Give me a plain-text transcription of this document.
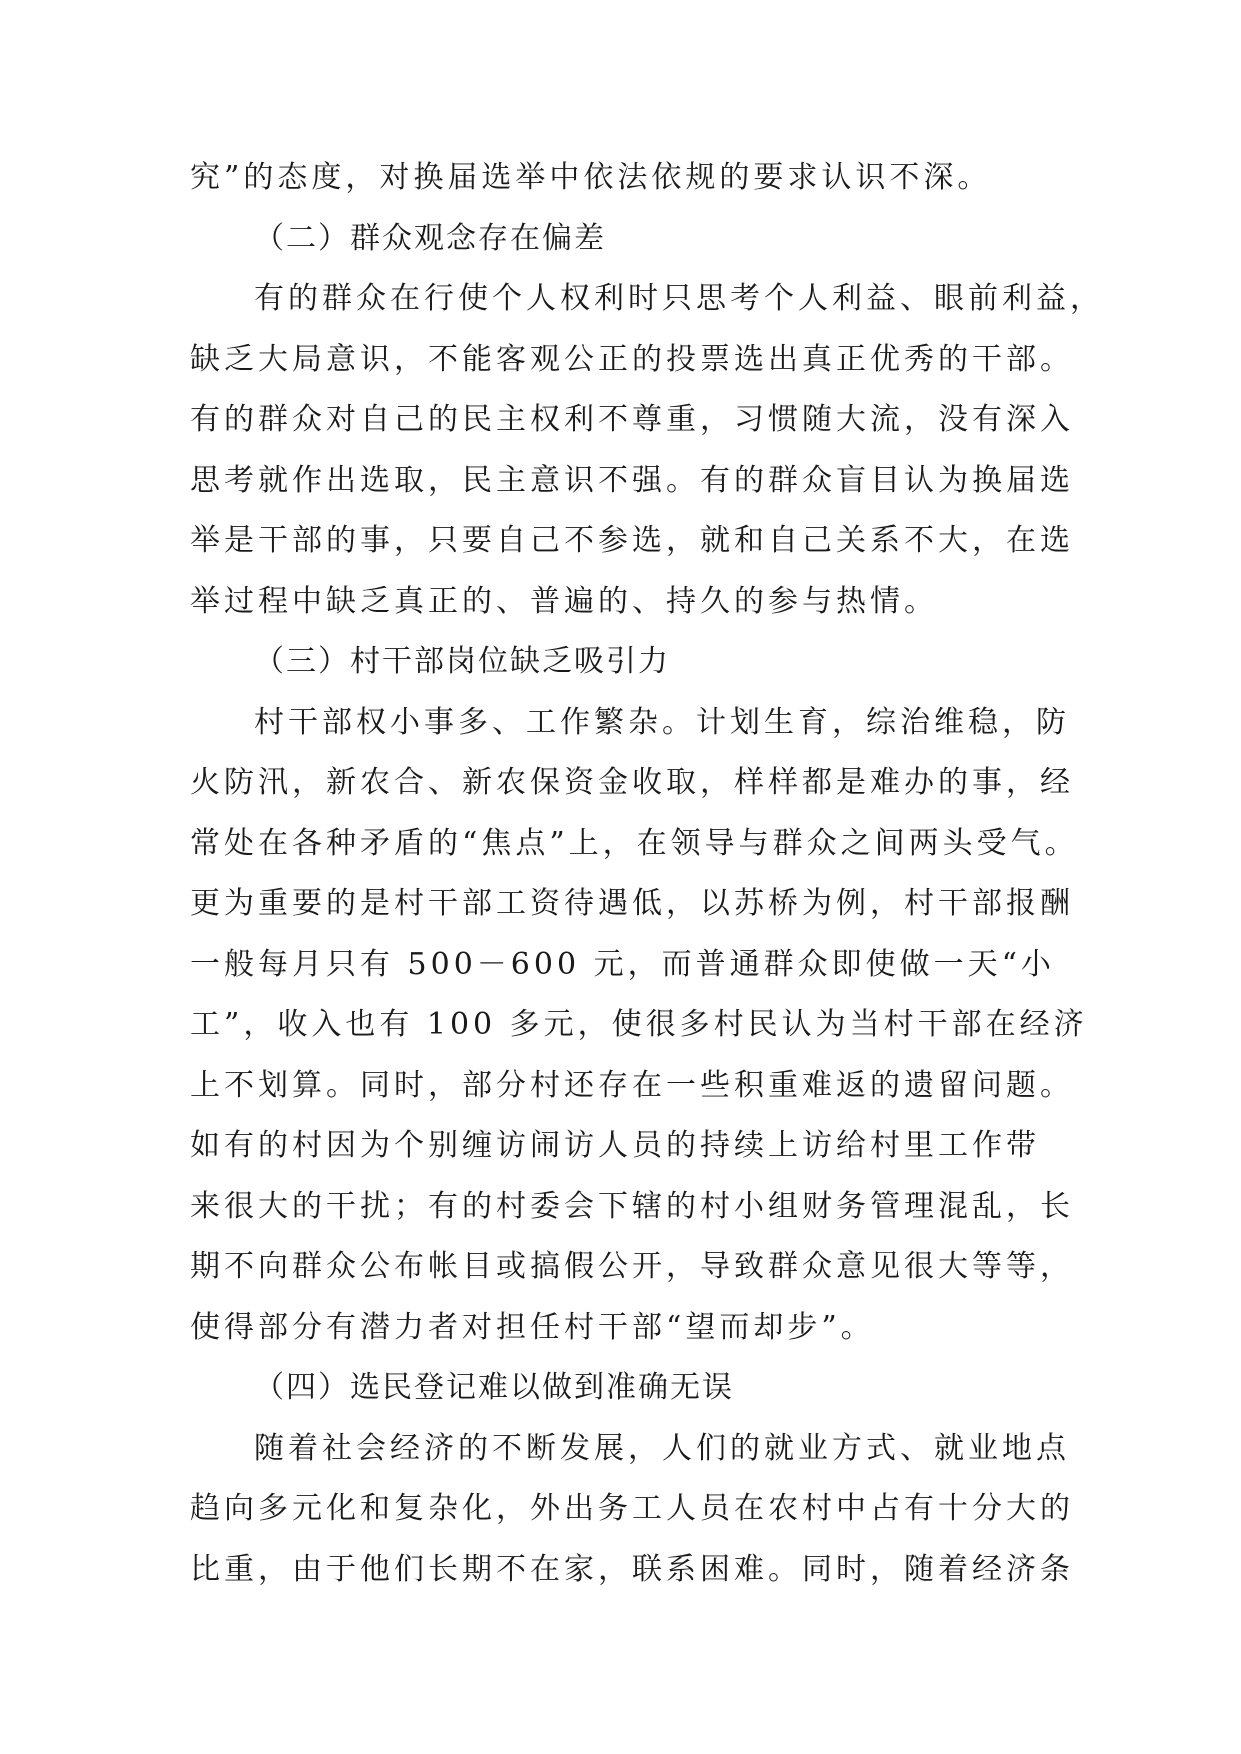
究”的态度，对换届选举中依法依规的要求认识不深。
（二）群众观念存在偏差
有的群众在行使个人权利时只思考个人利益、眼前利益，
缺乏大局意识，不能客观公正的投票选出真正优秀的干部。
有的群众对自己的民主权利不尊重，习惯随大流，没有深入
思考就作出选取，民主意识不强。有的群众盲目认为换届选
举是干部的事，只要自己不参选，就和自己关系不大，在选
举过程中缺乏真正的、普遍的、持久的参与热情。
（三）村干部岗位缺乏吸引力
村干部权小事多、工作繁杂。计划生育，综治维稳，防
火防汛，新农合、新农保资金收取，样样都是难办的事，经
常处在各种矛盾的“焦点”上，在领导与群众之间两头受气。
更为重要的是村干部工资待遇低，以苏桥为例，村干部报酬
一般每月只有 500－600 元，而普通群众即使做一天“小
工”，收入也有 100 多元，使很多村民认为当村干部在经济
上不划算。同时，部分村还存在一些积重难返的遗留问题。
如有的村因为个别缠访闹访人员的持续上访给村里工作带
来很大的干扰；有的村委会下辖的村小组财务管理混乱，长
期不向群众公布帐目或搞假公开，导致群众意见很大等等，
使得部分有潜力者对担任村干部“望而却步”。
（四）选民登记难以做到准确无误
随着社会经济的不断发展，人们的就业方式、就业地点
趋向多元化和复杂化，外出务工人员在农村中占有十分大的
比重，由于他们长期不在家，联系困难。同时，随着经济条
